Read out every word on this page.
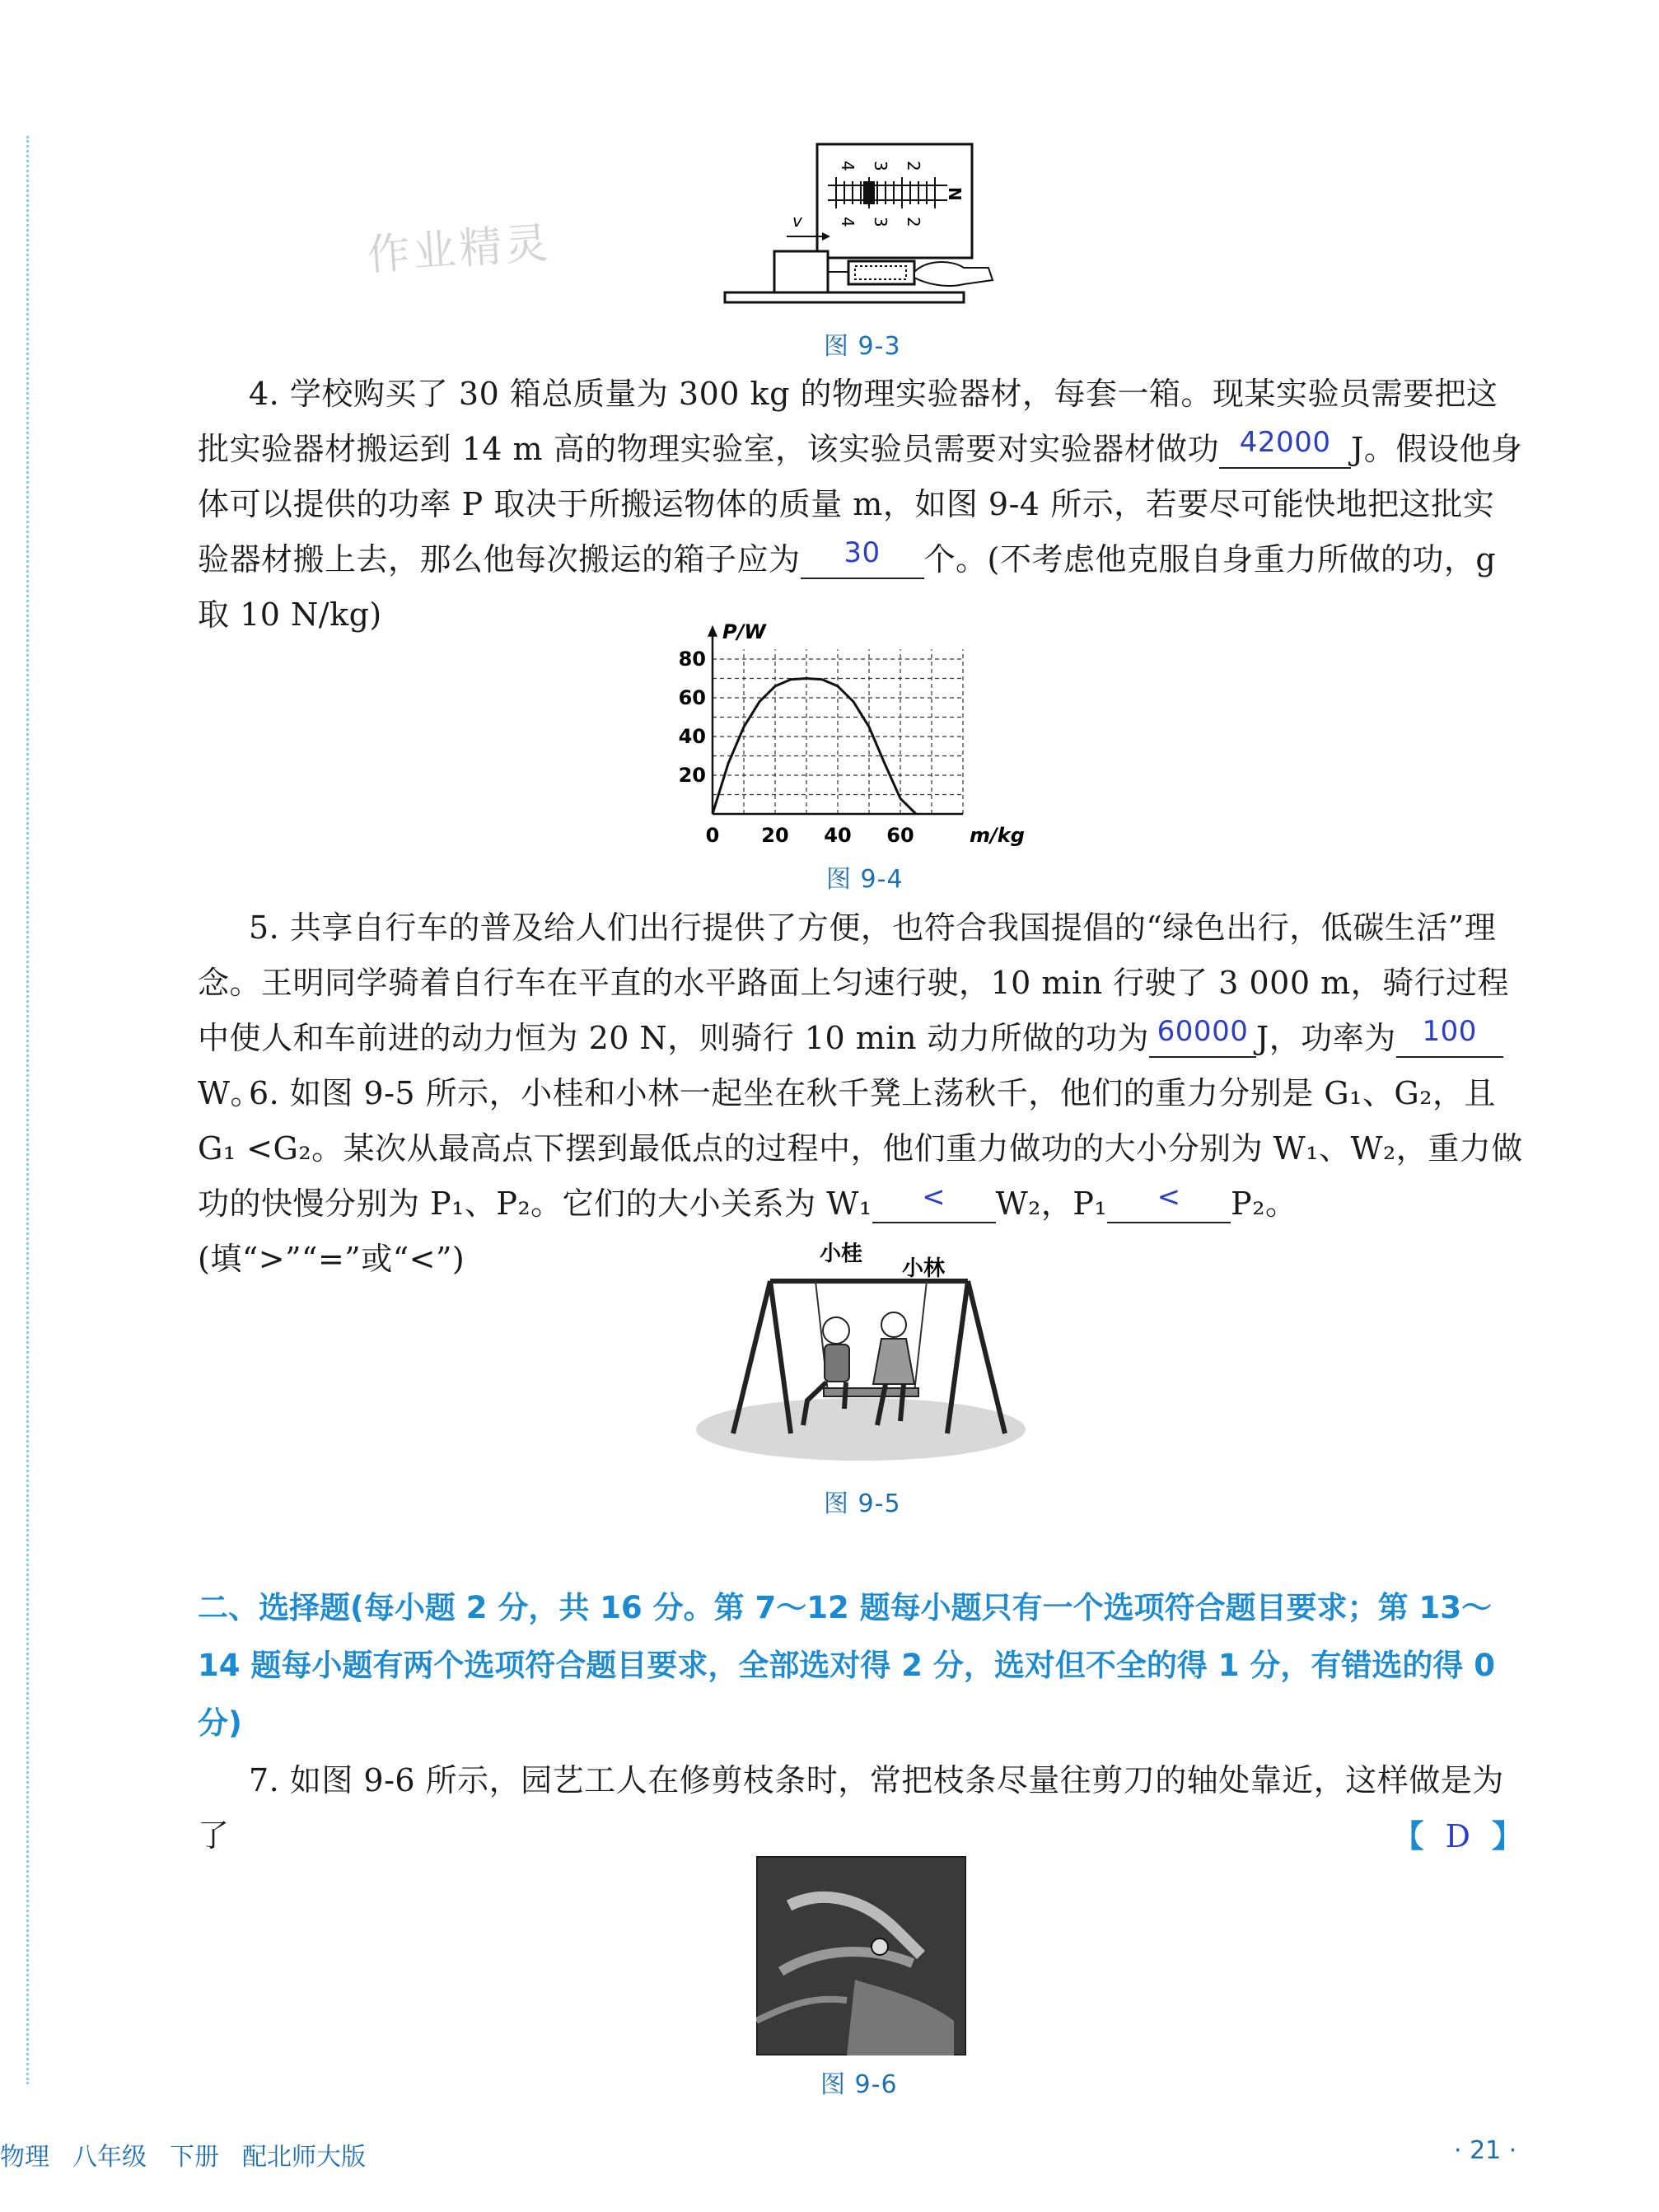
作业精灵
4 3 2
4 3 2
N
v
图 9-3
4. 学校购买了 30 箱总质量为 300 kg 的物理实验器材，每套一箱。现某实验员需要把这批实验器材搬运到 14 m 高的物理实验室，该实验员需要对实验器材做功 42000 J。假设他身体可以提供的功率 P 取决于所搬运物体的质量 m，如图 9-4 所示，若要尽可能快地把这批实验器材搬上去，那么他每次搬运的箱子应为 30 个。(不考虑他克服自身重力所做的功，g 取 10 N/kg)
0 20 40 60
20
40
60
80
P/W
m/kg
图 9-4
5. 共享自行车的普及给人们出行提供了方便，也符合我国提倡的“绿色出行，低碳生活”理念。王明同学骑着自行车在平直的水平路面上匀速行驶，10 min 行驶了 3 000 m，骑行过程中使人和车前进的动力恒为 20 N，则骑行 10 min 动力所做的功为 60000 J，功率为 100W。
6. 如图 9-5 所示，小桂和小林一起坐在秋千凳上荡秋千，他们的重力分别是 G₁、G₂，且 G₁ <G₂。某次从最高点下摆到最低点的过程中，他们重力做功的大小分别为 W₁、W₂，重力做功的快慢分别为 P₁、P₂。它们的大小关系为 W₁ < W₂，P₁ < P₂。(填“>”“=”或“<”)	小桂
小林
图 9-5
二、选择题(每小题 2 分，共 16 分。第 7～12 题每小题只有一个选项符合题目要求；第 13～14 题每小题有两个选项符合题目要求，全部选对得 2 分，选对但不全的得 1 分，有错选的得 0 分)
7. 如图 9-6 所示，园艺工人在修剪枝条时，常把枝条尽量往剪刀的轴处靠近，这样做是为了	【 D 】
图 9-6
物理 八年级 下册 配北师大版	· 21 ·
